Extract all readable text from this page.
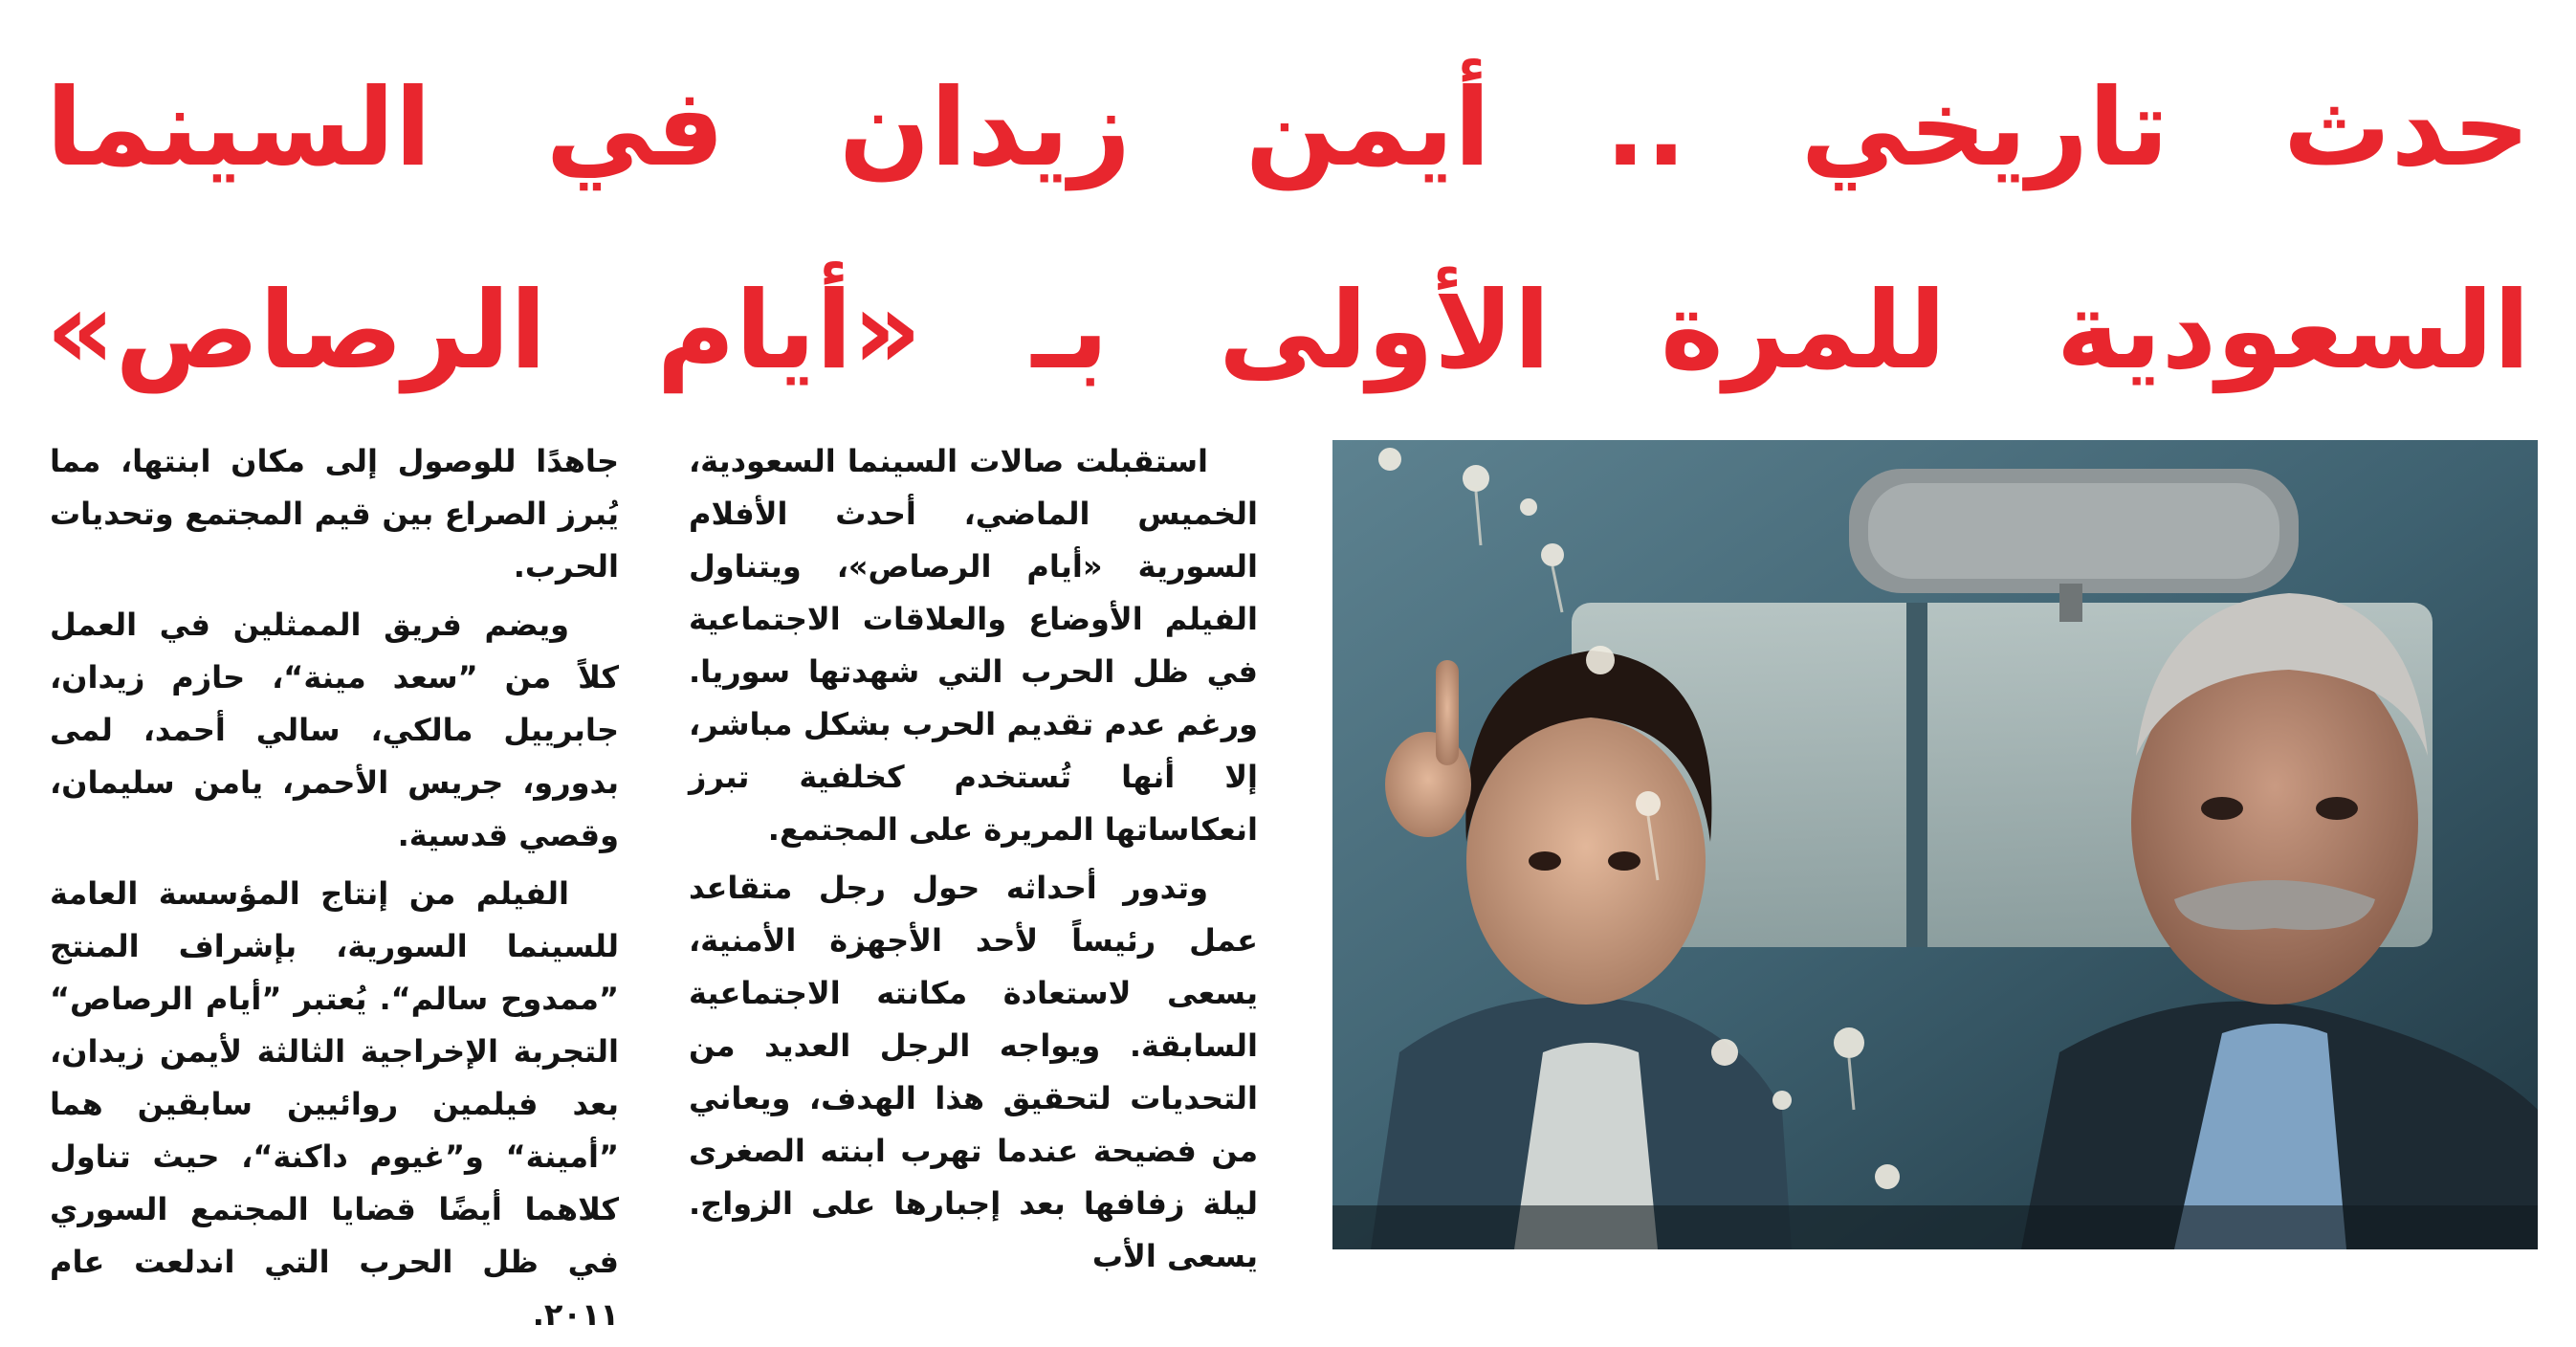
حدث تاريخي .. أيمن زيدان في السينما
السعودية للمرة الأولى بـ «أيام الرصاص»

استقبلت صالات السينما السعودية، الخميس الماضي، أحدث الأفلام السورية «أيام الرصاص»، ويتناول الفيلم الأوضاع والعلاقات الاجتماعية في ظل الحرب التي شهدتها سوريا. ورغم عدم تقديم الحرب بشكل مباشر، إلا أنها تُستخدم كخلفية تبرز انعكاساتها المريرة على المجتمع.

وتدور أحداثه حول رجل متقاعد عمل رئيساً لأحد الأجهزة الأمنية، يسعى لاستعادة مكانته الاجتماعية السابقة. ويواجه الرجل العديد من التحديات لتحقيق هذا الهدف، ويعاني من فضيحة عندما تهرب ابنته الصغرى ليلة زفافها بعد إجبارها على الزواج. يسعى الأب

جاهدًا للوصول إلى مكان ابنتها، مما يُبرز الصراع بين قيم المجتمع وتحديات الحرب.

ويضم فريق الممثلين في العمل كلاً من ”سعد مينة“، حازم زيدان، جابرييل مالكي، سالي أحمد، لمى بدورو، جريس الأحمر، يامن سليمان، وقصي قدسية.

الفيلم من إنتاج المؤسسة العامة للسينما السورية، بإشراف المنتج ”ممدوح سالم“. يُعتبر ”أيام الرصاص“ التجربة الإخراجية الثالثة لأيمن زيدان، بعد فيلمين روائيين سابقين هما ”أمينة“ و”غيوم داكنة“، حيث تناول كلاهما أيضًا قضايا المجتمع السوري في ظل الحرب التي اندلعت عام ٢٠١١.
